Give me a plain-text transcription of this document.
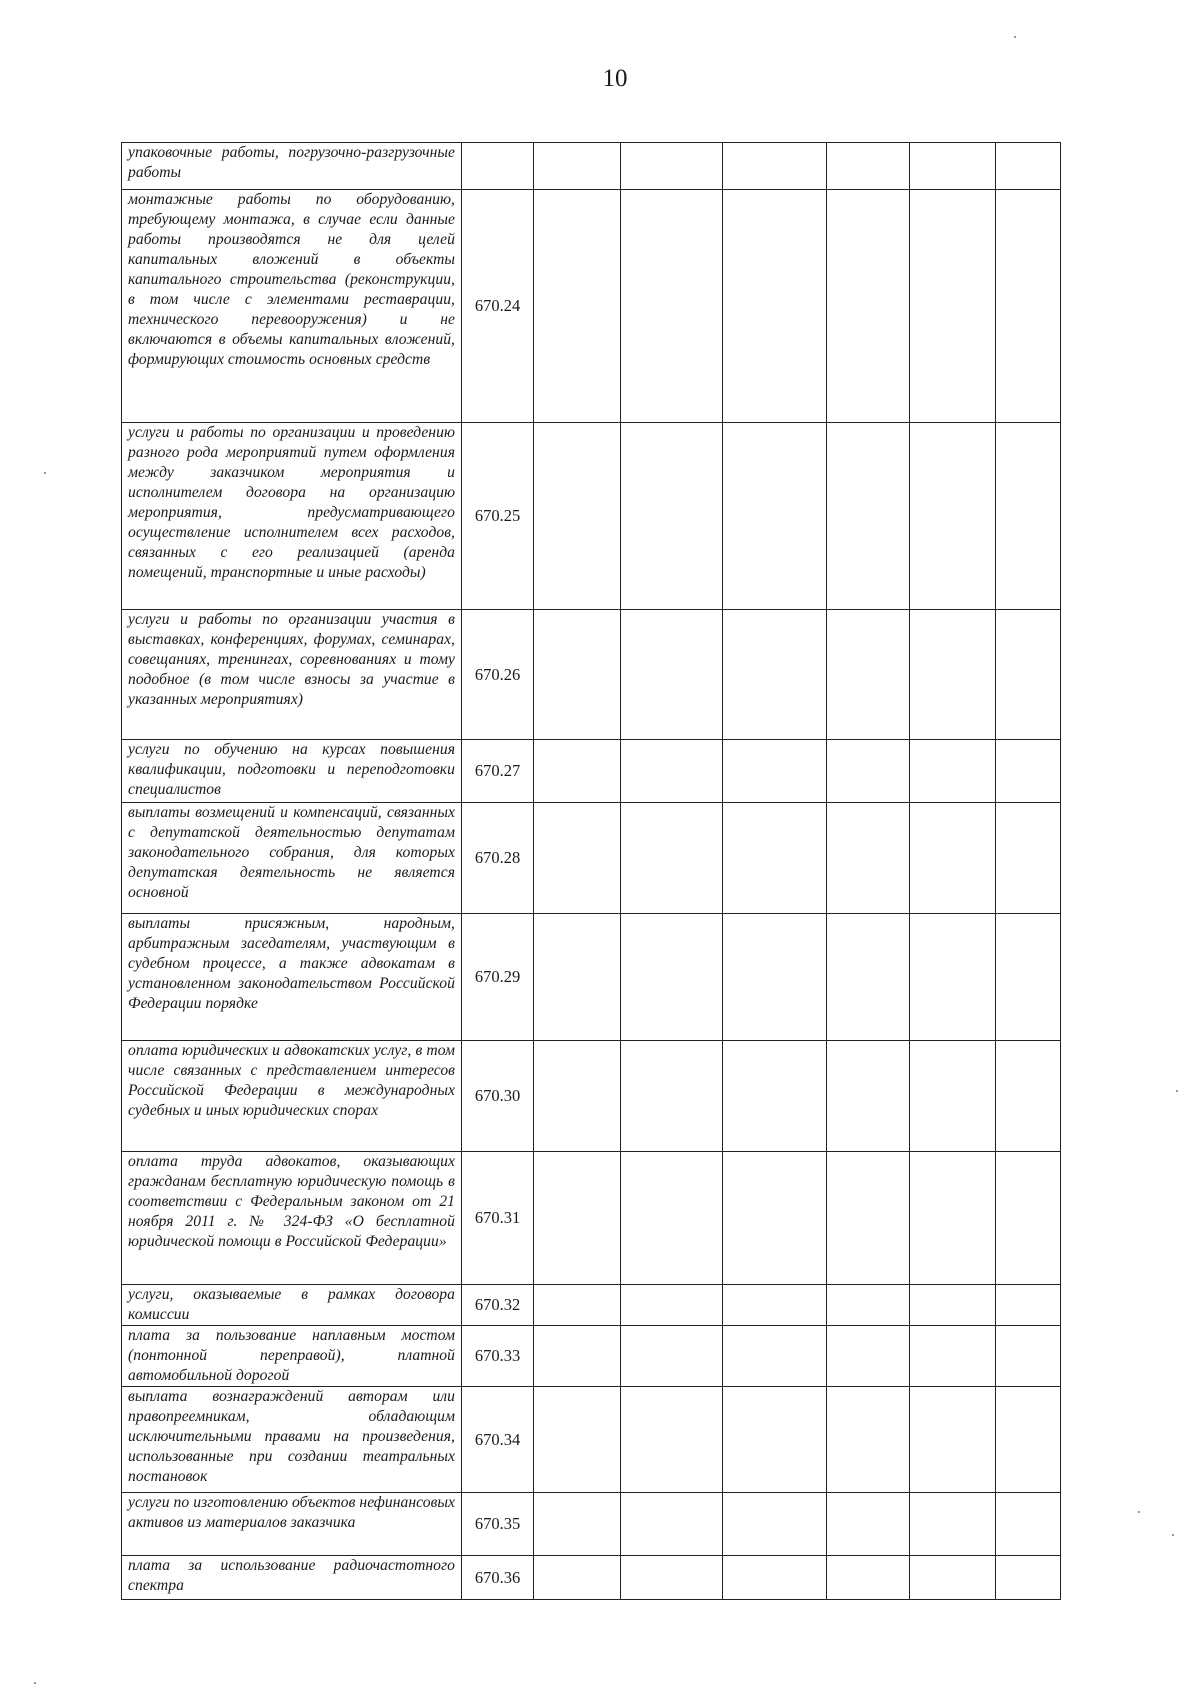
10
упаковочные работы, погрузочно-разгрузочные работы								
монтажные работы по оборудованию, требующему монтажа, в случае если данные работы производятся не для целей капитальных вложений в объекты капитального строительства (реконструкции, в том числе с элементами реставрации, технического перевооружения) и не включаются в объемы капитальных вложений, формирующих стоимость основных средств	670.24							
услуги и работы по организации и проведению разного рода мероприятий путем оформления между заказчиком мероприятия и исполнителем договора на организацию мероприятия, предусматривающего осуществление исполнителем всех расходов, связанных с его реализацией (аренда помещений, транспортные и иные расходы)	670.25							
услуги и работы по организации участия в выставках, конференциях, форумах, семинарах, совещаниях, тренингах, соревнованиях и тому подобное (в том числе взносы за участие в указанных мероприятиях)	670.26							
услуги по обучению на курсах повышения квалификации, подготовки и переподготовки специалистов	670.27							
выплаты возмещений и компенсаций, связанных с депутатской деятельностью депутатам законодательного собрания, для которых депутатская деятельность не является основной	670.28							
выплаты присяжным, народным, арбитражным заседателям, участвующим в судебном процессе, а также адвокатам в установленном законодательством Российской Федерации порядке	670.29							
оплата юридических и адвокатских услуг, в том числе связанных с представлением интересов Российской Федерации в международных судебных и иных юридических спорах	670.30							
оплата труда адвокатов, оказывающих гражданам бесплатную юридическую помощь в соответствии с Федеральным законом от 21 ноября 2011 г. № 324-ФЗ «О бесплатной юридической помощи в Российской Федерации»	670.31							
услуги, оказываемые в рамках договора комиссии	670.32							
плата за пользование наплавным мостом (понтонной переправой), платной автомобильной дорогой	670.33							
выплата вознаграждений авторам или правопреемникам, обладающим исключительными правами на произведения, использованные при создании театральных постановок	670.34							
услуги по изготовлению объектов нефинансовых активов из материалов заказчика	670.35							
плата за использование радиочастотного спектра	670.36							
